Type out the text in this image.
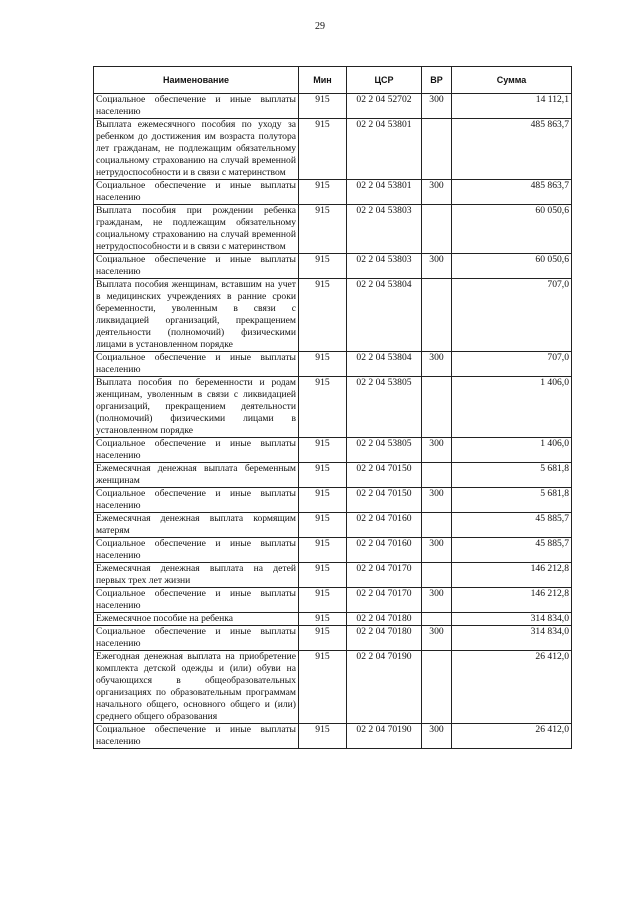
29
Наименование	Мин	ЦСР	ВР	Сумма
Социальное обеспечение и иные выплаты населению	915	02 2 04 52702	300	14 112,1
Выплата ежемесячного пособия по уходу за ребенком до достижения им возраста полутора лет гражданам, не подлежащим обязательному социальному страхованию на случай временной нетрудоспособности и в связи с материнством	915	02 2 04 53801		485 863,7
Социальное обеспечение и иные выплаты населению	915	02 2 04 53801	300	485 863,7
Выплата пособия при рождении ребенка гражданам, не подлежащим обязательному социальному страхованию на случай временной нетрудоспособности и в связи с материнством	915	02 2 04 53803		60 050,6
Социальное обеспечение и иные выплаты населению	915	02 2 04 53803	300	60 050,6
Выплата пособия женщинам, вставшим на учет в медицинских учреждениях в ранние сроки беременности, уволенным в связи с ликвидацией организаций, прекращением деятельности (полномочий) физическими лицами в установленном порядке	915	02 2 04 53804		707,0
Социальное обеспечение и иные выплаты населению	915	02 2 04 53804	300	707,0
Выплата пособия по беременности и родам женщинам, уволенным в связи с ликвидацией организаций, прекращением деятельности (полномочий) физическими лицами в установленном порядке	915	02 2 04 53805		1 406,0
Социальное обеспечение и иные выплаты населению	915	02 2 04 53805	300	1 406,0
Ежемесячная денежная выплата беременным женщинам	915	02 2 04 70150		5 681,8
Социальное обеспечение и иные выплаты населению	915	02 2 04 70150	300	5 681,8
Ежемесячная денежная выплата кормящим матерям	915	02 2 04 70160		45 885,7
Социальное обеспечение и иные выплаты населению	915	02 2 04 70160	300	45 885,7
Ежемесячная денежная выплата на детей первых трех лет жизни	915	02 2 04 70170		146 212,8
Социальное обеспечение и иные выплаты населению	915	02 2 04 70170	300	146 212,8
Ежемесячное пособие на ребенка	915	02 2 04 70180		314 834,0
Социальное обеспечение и иные выплаты населению	915	02 2 04 70180	300	314 834,0
Ежегодная денежная выплата на приобретение комплекта детской одежды и (или) обуви на обучающихся в общеобразовательных организациях по образовательным программам начального общего, основного общего и (или) среднего общего образования	915	02 2 04 70190		26 412,0
Социальное обеспечение и иные выплаты населению	915	02 2 04 70190	300	26 412,0
